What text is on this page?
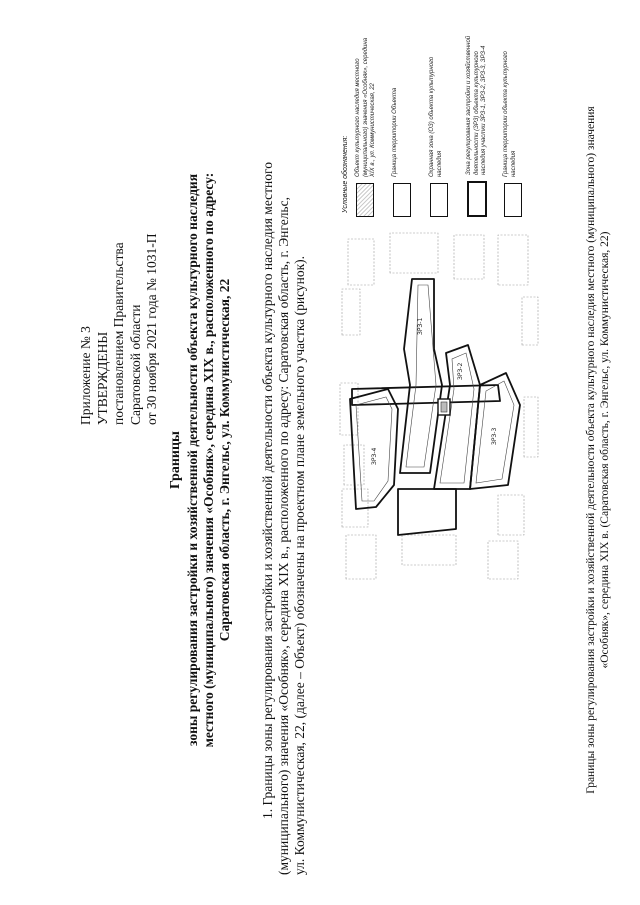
Приложение № 3 УТВЕРЖДЕНЫ постановлением Правительства Саратовской области от 30 ноября 2021 года № 1031-П
Границы зоны регулирования застройки и хозяйственной деятельности объекта культурного наследия местного (муниципального) значения «Особняк», середина XIX в., расположенного по адресу: Саратовская область, г. Энгельс, ул. Коммунистическая, 22 1. Границы зоны регулирования застройки и хозяйственной деятельности объекта культурного наследия местного (муниципального) значения «Особняк», середина XIX в., расположенного по адресу: Саратовская область, г. Энгельс, ул. Коммунистическая, 22, (далее – Объект) обозначены на проектном плане земельного участка (рисунок).	ЗРЗ-1
ЗРЗ-2
ЗРЗ-3
ЗРЗ-4
Условные обозначения: Объект культурного наследия местного (муниципального) значения «Особняк», середина XIX в., ул. Коммунистическая, 22	Граница территории Объекта	Охранная зона (ОЗ) объекта культурного наследия	Зона регулирования застройки и хозяйственной деятельности (ЗРЗ) объекта культурного наследия участки ЗРЗ-1, ЗРЗ-2, ЗРЗ-3, ЗРЗ-4	Граница территории объекта культурного наследия	Границы зоны регулирования застройки и хозяйственной деятельности объекта культурного наследия местного (муниципального) значения «Особняк», середина XIX в. (Саратовская область, г. Энгельс, ул. Коммунистическая, 22)
